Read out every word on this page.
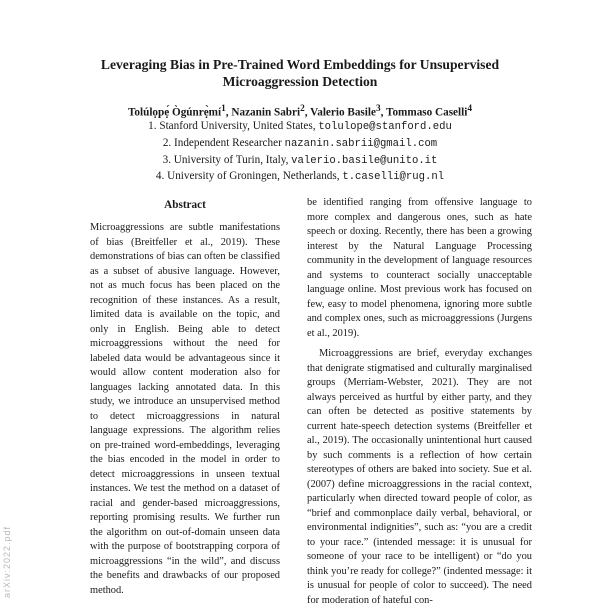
Leveraging Bias in Pre-Trained Word Embeddings for Unsupervised
Microaggression Detection
Tolúlọpẹ́ $Ògúnrẹ̀mí^1$, Nazanin Sabri$^2$, Valerio Basile$^3$, Tommaso Caselli$^4$
1. Stanford University, United States, tolulope@stanford.edu
2. Independent Researcher nazanin.sabrii@gmail.com
3. University of Turin, Italy, valerio.basile@unito.it
4. University of Groningen, Netherlands, t.caselli@rug.nl
Abstract
Microaggressions are subtle manifestations of bias (Breitfeller et al., 2019). These demonstrations of bias can often be classified as a subset of abusive language. However, not as much focus has been placed on the recognition of these instances. As a result, limited data is available on the topic, and only in English. Being able to detect microaggressions without the need for labeled data would be advantageous since it would allow content moderation also for languages lacking annotated data. In this study, we introduce an unsupervised method to detect microaggressions in natural language expressions. The algorithm relies on pre-trained word-embeddings, leveraging the bias encoded in the model in order to detect microaggressions in unseen textual instances. We test the method on a dataset of racial and gender-based microaggressions, reporting promising results. We further run the algorithm on out-of-domain unseen data with the purpose of bootstrapping corpora of microaggressions “in the wild”, and discuss the benefits and drawbacks of our proposed method.

be identified ranging from offensive language to more complex and dangerous ones, such as hate speech or doxing. Recently, there has been a growing interest by the Natural Language Processing community in the development of language resources and systems to counteract socially unacceptable language online. Most previous work has focused on few, easy to model phenomena, ignoring more subtle and complex ones, such as microaggressions (Jurgens et al., 2019).

Microaggressions are brief, everyday exchanges that denigrate stigmatised and culturally marginalised groups (Merriam-Webster, 2021). They are not always perceived as hurtful by either party, and they can often be detected as positive statements by current hate-speech detection systems (Breitfeller et al., 2019). The occasionally unintentional hurt caused by such comments is a reflection of how certain stereotypes of others are baked into society. Sue et al. (2007) define microaggressions in the racial context, particularly when directed toward people of color, as “brief and commonplace daily verbal, behavioral, or environmental indignities”, such as: “you are a credit to your race.” (intended message: it is unusual for someone of your race to be intelligent) or “do you think you’re ready for college?” (indented message: it is unusual for people of color to succeed). The need for moderation of hateful con-

arXiv:2022.pdf
